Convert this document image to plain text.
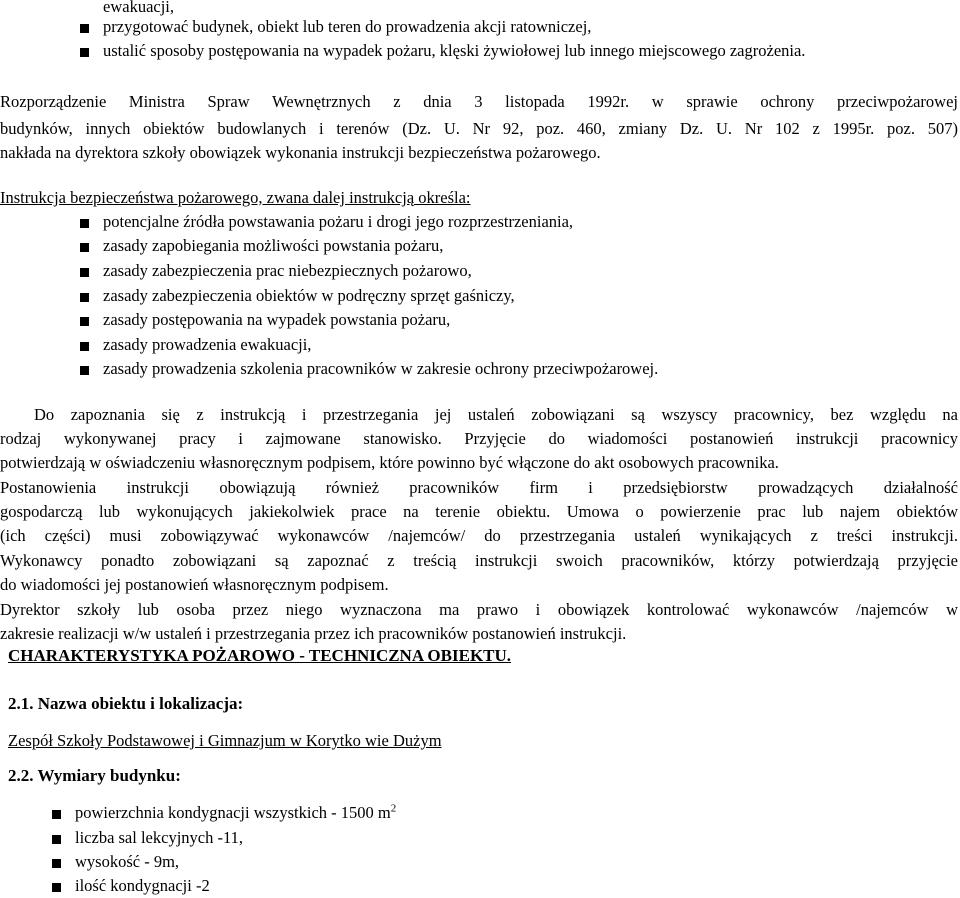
ewakuacji,
przygotować budynek, obiekt lub teren do prowadzenia akcji ratowniczej,
ustalić sposoby postępowania na wypadek pożaru, klęski żywiołowej lub innego miejscowego zagrożenia.
Rozporządzenie Ministra Spraw Wewnętrznych z dnia 3 listopada 1992r. w sprawie ochrony przeciwpożarowej
budynków, innych obiektów budowlanych i terenów (Dz. U. Nr 92, poz. 460, zmiany Dz. U. Nr 102 z 1995r. poz. 507)
nakłada na dyrektora szkoły obowiązek wykonania instrukcji bezpieczeństwa pożarowego.
Instrukcja bezpieczeństwa pożarowego, zwana dalej instrukcją określa:
potencjalne źródła powstawania pożaru i drogi jego rozprzestrzeniania,
zasady zapobiegania możliwości powstania pożaru,
zasady zabezpieczenia prac niebezpiecznych pożarowo,
zasady zabezpieczenia obiektów w podręczny sprzęt gaśniczy,
zasady postępowania na wypadek powstania pożaru,
zasady prowadzenia ewakuacji,
zasady prowadzenia szkolenia pracowników w zakresie ochrony przeciwpożarowej.
Do zapoznania się z instrukcją i przestrzegania jej ustaleń zobowiązani są wszyscy pracownicy, bez względu na
rodzaj wykonywanej pracy i zajmowane stanowisko. Przyjęcie do wiadomości postanowień instrukcji pracownicy
potwierdzają w oświadczeniu własnoręcznym podpisem, które powinno być włączone do akt osobowych pracownika.
Postanowienia instrukcji obowiązują również pracowników firm i przedsiębiorstw prowadzących działalność
gospodarczą lub wykonujących jakiekolwiek prace na terenie obiektu. Umowa o powierzenie prac lub najem obiektów
(ich części) musi zobowiązywać wykonawców /najemców/ do przestrzegania ustaleń wynikających z treści instrukcji.
Wykonawcy ponadto zobowiązani są zapoznać z treścią instrukcji swoich pracowników, którzy potwierdzają przyjęcie
do wiadomości jej postanowień własnoręcznym podpisem.
Dyrektor szkoły lub osoba przez niego wyznaczona ma prawo i obowiązek kontrolować wykonawców /najemców w
zakresie realizacji w/w ustaleń i przestrzegania przez ich pracowników postanowień instrukcji.
CHARAKTERYSTYKA POŻAROWO - TECHNICZNA OBIEKTU.
2.1. Nazwa obiektu i lokalizacja:
Zespół Szkoły Podstawowej i Gimnazjum w Korytko wie Dużym
2.2. Wymiary budynku:
powierzchnia kondygnacji wszystkich - 1500 $m^2$
liczba sal lekcyjnych -11,
wysokość - 9m,
ilość kondygnacji -2
